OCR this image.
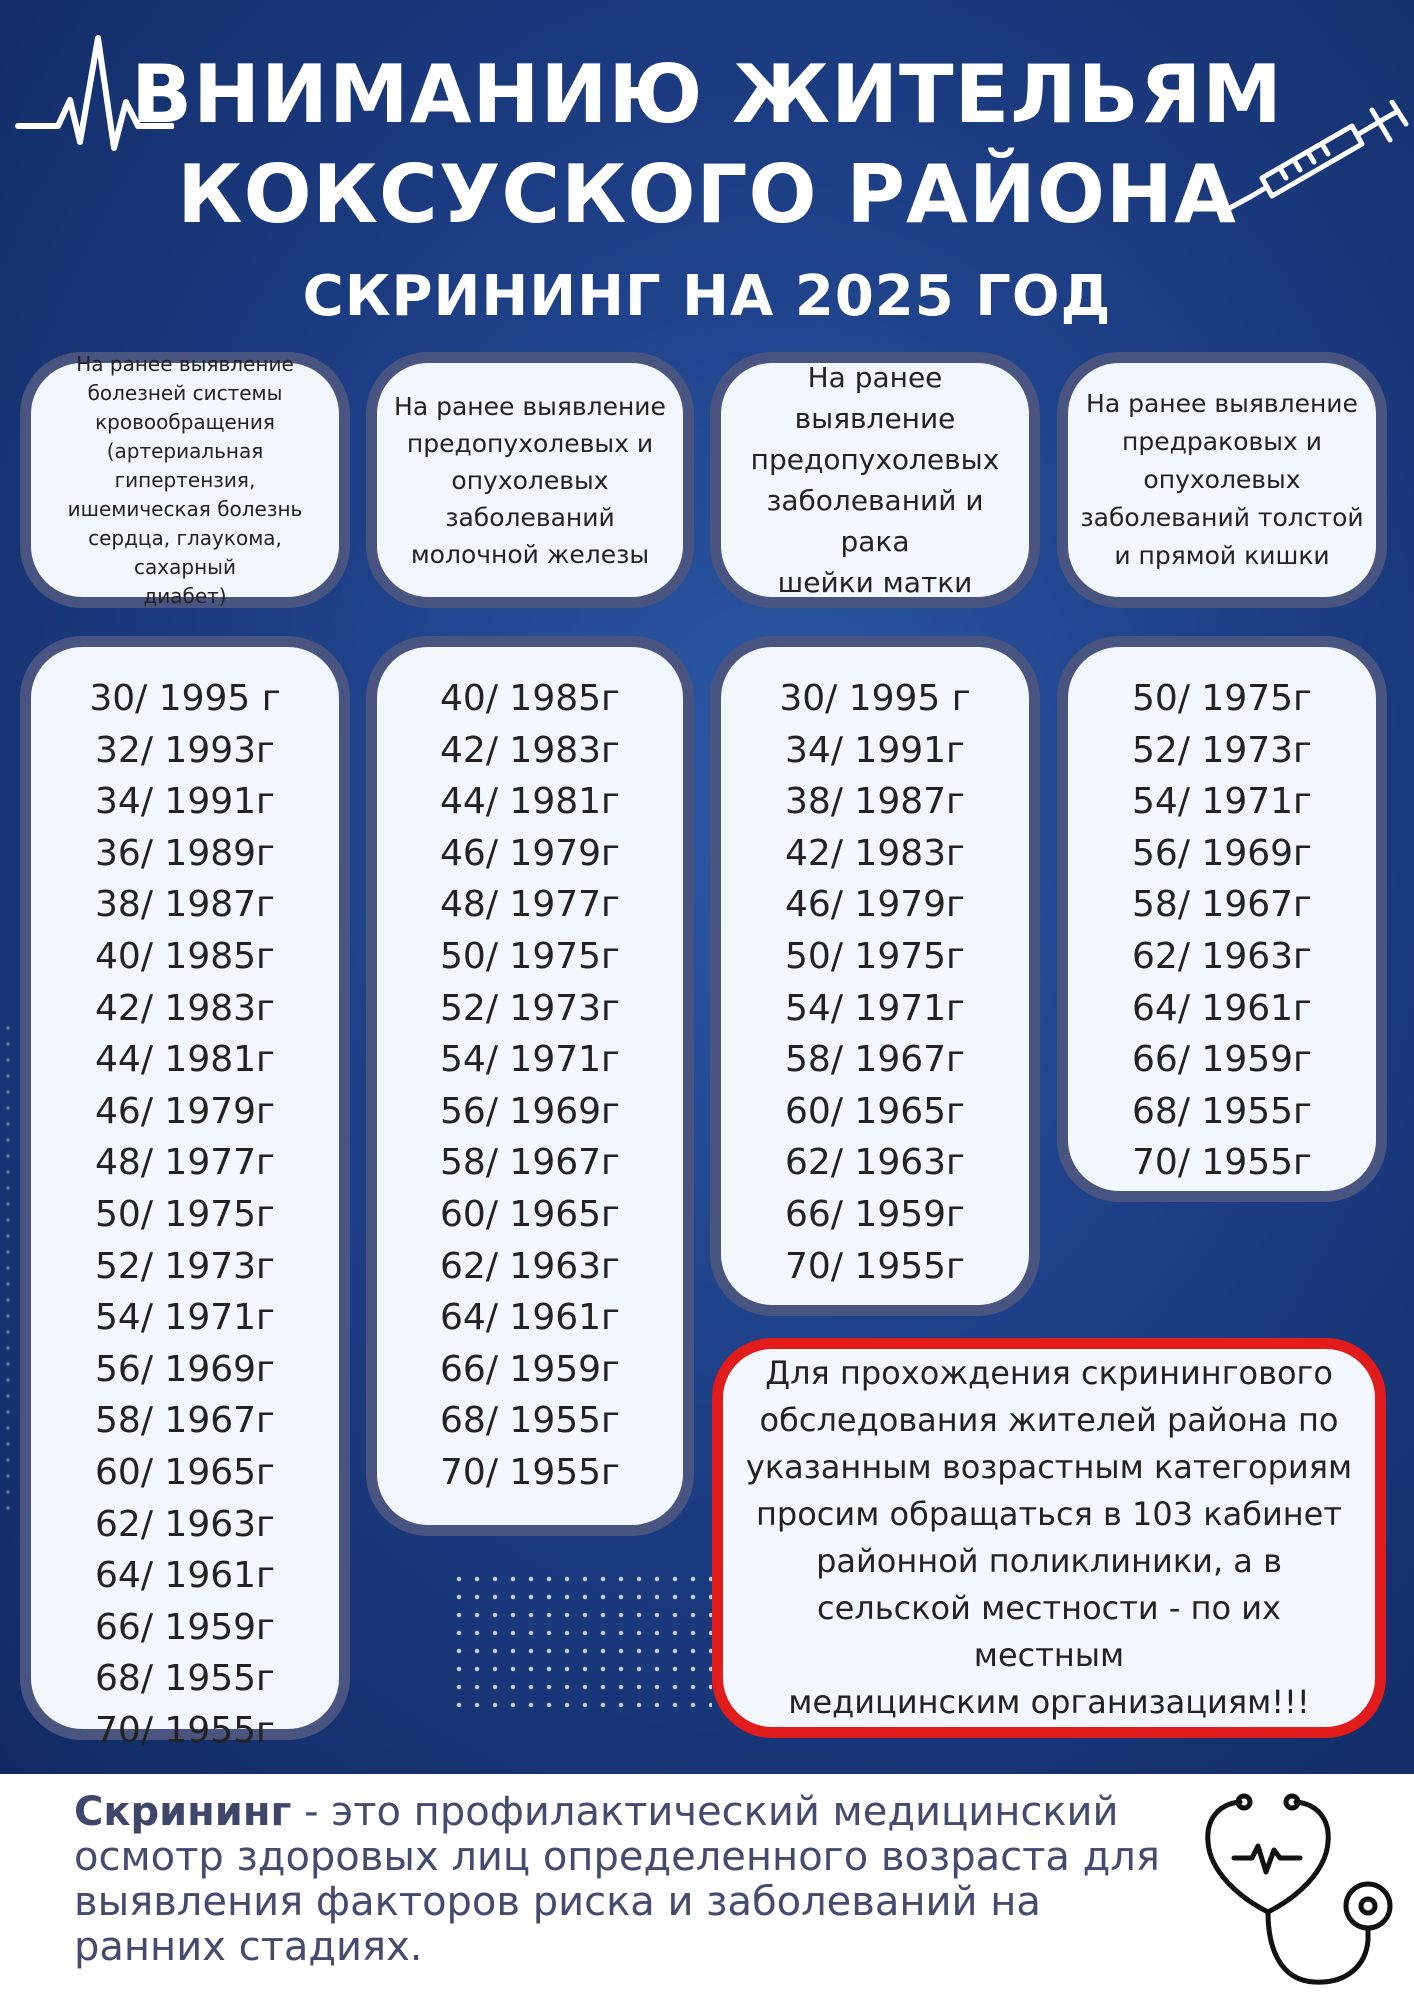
ВНИМАНИЮ ЖИТЕЛЬЯМ
КОКСУСКОГО РАЙОНА
СКРИНИНГ НА 2025 ГОД
На ранее выявление
болезней системы
кровообращения
(артериальная гипертензия,
ишемическая болезнь
сердца, глаукома, сахарный
диабет)
На ранее выявление
предопухолевых и
опухолевых
заболеваний
молочной железы
На ранее
выявление
предопухолевых
заболеваний и рака
шейки матки
На ранее выявление
предраковых и
опухолевых
заболеваний толстой
и прямой кишки
30/ 1995 г
32/ 1993г
34/ 1991г
36/ 1989г
38/ 1987г
40/ 1985г
42/ 1983г
44/ 1981г
46/ 1979г
48/ 1977г
50/ 1975г
52/ 1973г
54/ 1971г
56/ 1969г
58/ 1967г
60/ 1965г
62/ 1963г
64/ 1961г
66/ 1959г
68/ 1955г
70/ 1955г
40/ 1985г
42/ 1983г
44/ 1981г
46/ 1979г
48/ 1977г
50/ 1975г
52/ 1973г
54/ 1971г
56/ 1969г
58/ 1967г
60/ 1965г
62/ 1963г
64/ 1961г
66/ 1959г
68/ 1955г
70/ 1955г
30/ 1995 г
34/ 1991г
38/ 1987г
42/ 1983г
46/ 1979г
50/ 1975г
54/ 1971г
58/ 1967г
60/ 1965г
62/ 1963г
66/ 1959г
70/ 1955г
50/ 1975г
52/ 1973г
54/ 1971г
56/ 1969г
58/ 1967г
62/ 1963г
64/ 1961г
66/ 1959г
68/ 1955г
70/ 1955г
Для прохождения скринингового
обследования жителей района по
указанным возрастным категориям
просим обращаться в 103 кабинет
районной поликлиники, а в
сельской местности - по их местным
медицинским организациям!!!
Скрининг - это профилактический медицинский осмотр здоровых лиц определенного возраста для выявления факторов риска и заболеваний на ранних стадиях.
